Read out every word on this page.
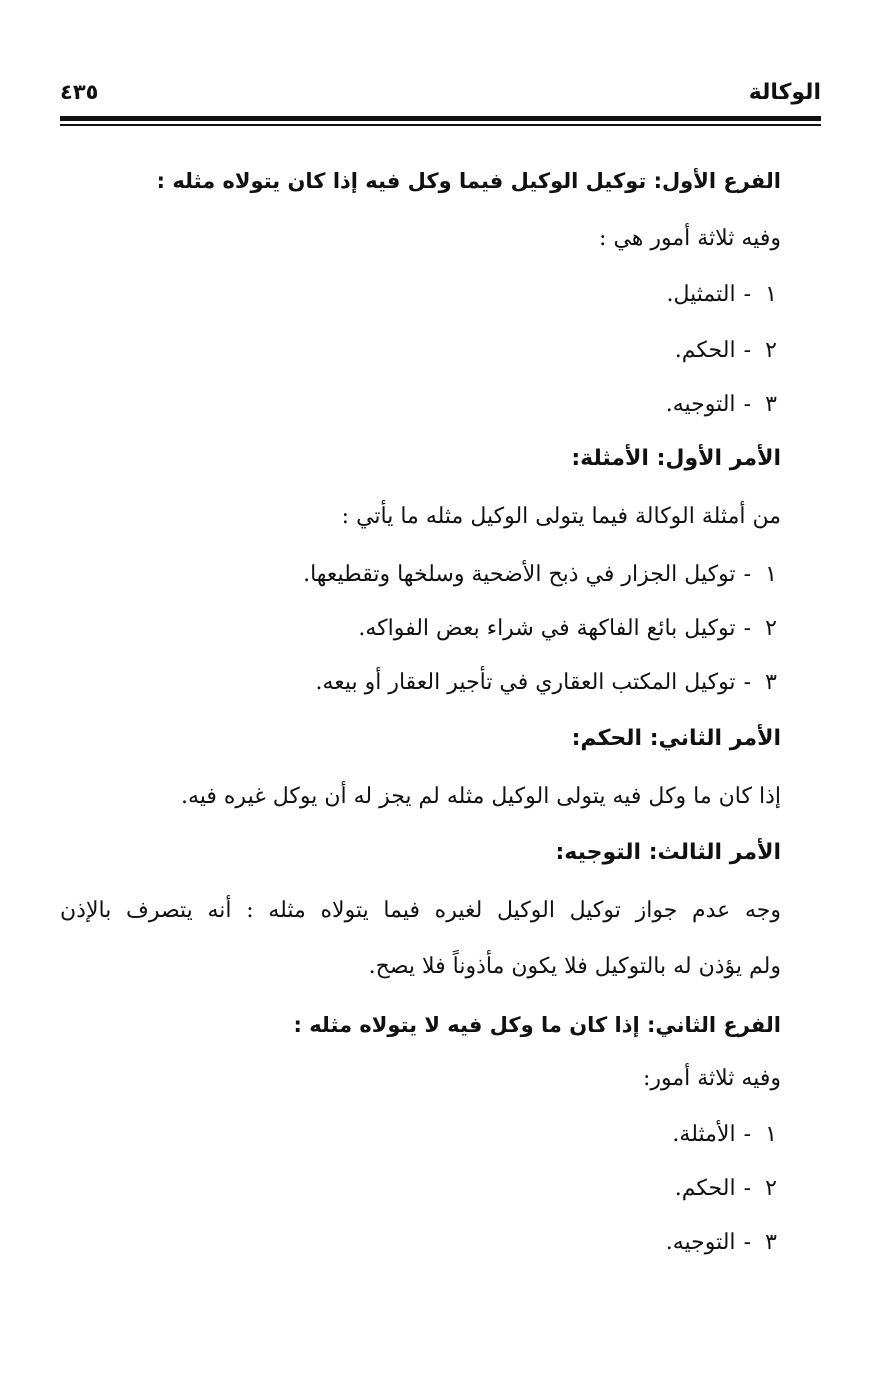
الوكالة
٤٣٥
الفرع الأول: توكيل الوكيل فيما وكل فيه إذا كان يتولاه مثله :
وفيه ثلاثة أمور هي :
١-التمثيل.
٢-الحكم.
٣-التوجيه.
الأمر الأول: الأمثلة:
من أمثلة الوكالة فيما يتولى الوكيل مثله ما يأتي :
١-توكيل الجزار في ذبح الأضحية وسلخها وتقطيعها.
٢-توكيل بائع الفاكهة في شراء بعض الفواكه.
٣-توكيل المكتب العقاري في تأجير العقار أو بيعه.
الأمر الثاني: الحكم:
إذا كان ما وكل فيه يتولى الوكيل مثله لم يجز له أن يوكل غيره فيه.
الأمر الثالث: التوجيه:
وجه عدم جواز توكيل الوكيل لغيره فيما يتولاه مثله : أنه يتصرف بالإذن
ولم يؤذن له بالتوكيل فلا يكون مأذوناً فلا يصح.
الفرع الثاني: إذا كان ما وكل فيه لا يتولاه مثله :
وفيه ثلاثة أمور:
١-الأمثلة.
٢-الحكم.
٣-التوجيه.
